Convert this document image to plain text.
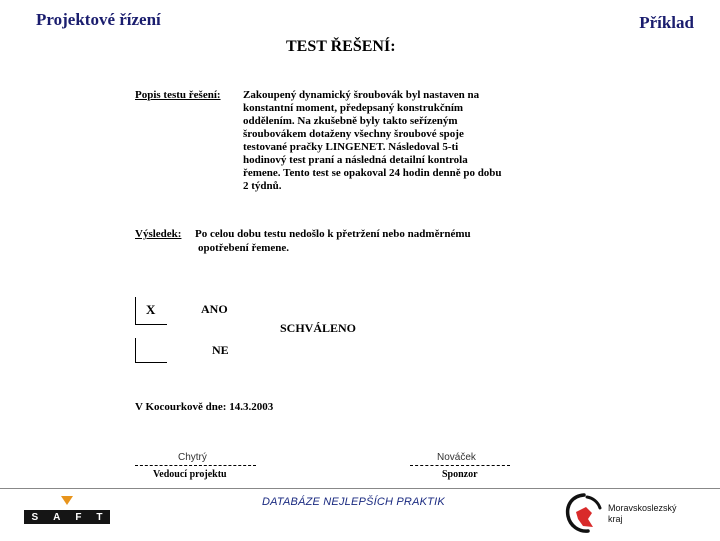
Projektové řízení	Příklad
TEST ŘEŠENÍ:
Popis testu řešení: Zakoupený dynamický šroubovák byl nastaven na
konstantní moment, předepsaný konstrukčním
oddělením. Na zkušebně byly takto seřízeným
šroubovákem dotaženy všechny šroubové spoje
testované pračky LINGENET. Následoval 5-ti
hodinový test praní a následná detailní kontrola
řemene. Tento test se opakoval 24 hodin denně po dobu
2 týdnů.
Výsledek: Po celou dobu testu nedošlo k přetržení nebo nadměrnému
opotřebení řemene.
X	ANO
NE
SCHVÁLENO
V Kocourkově dne: 14.3.2003
Chytrý
Vedoucí projektu
Nováček
Sponzor
S A F T
DATABÁZE NEJLEPŠÍCH PRAKTIK	Moravskoslezský
kraj
